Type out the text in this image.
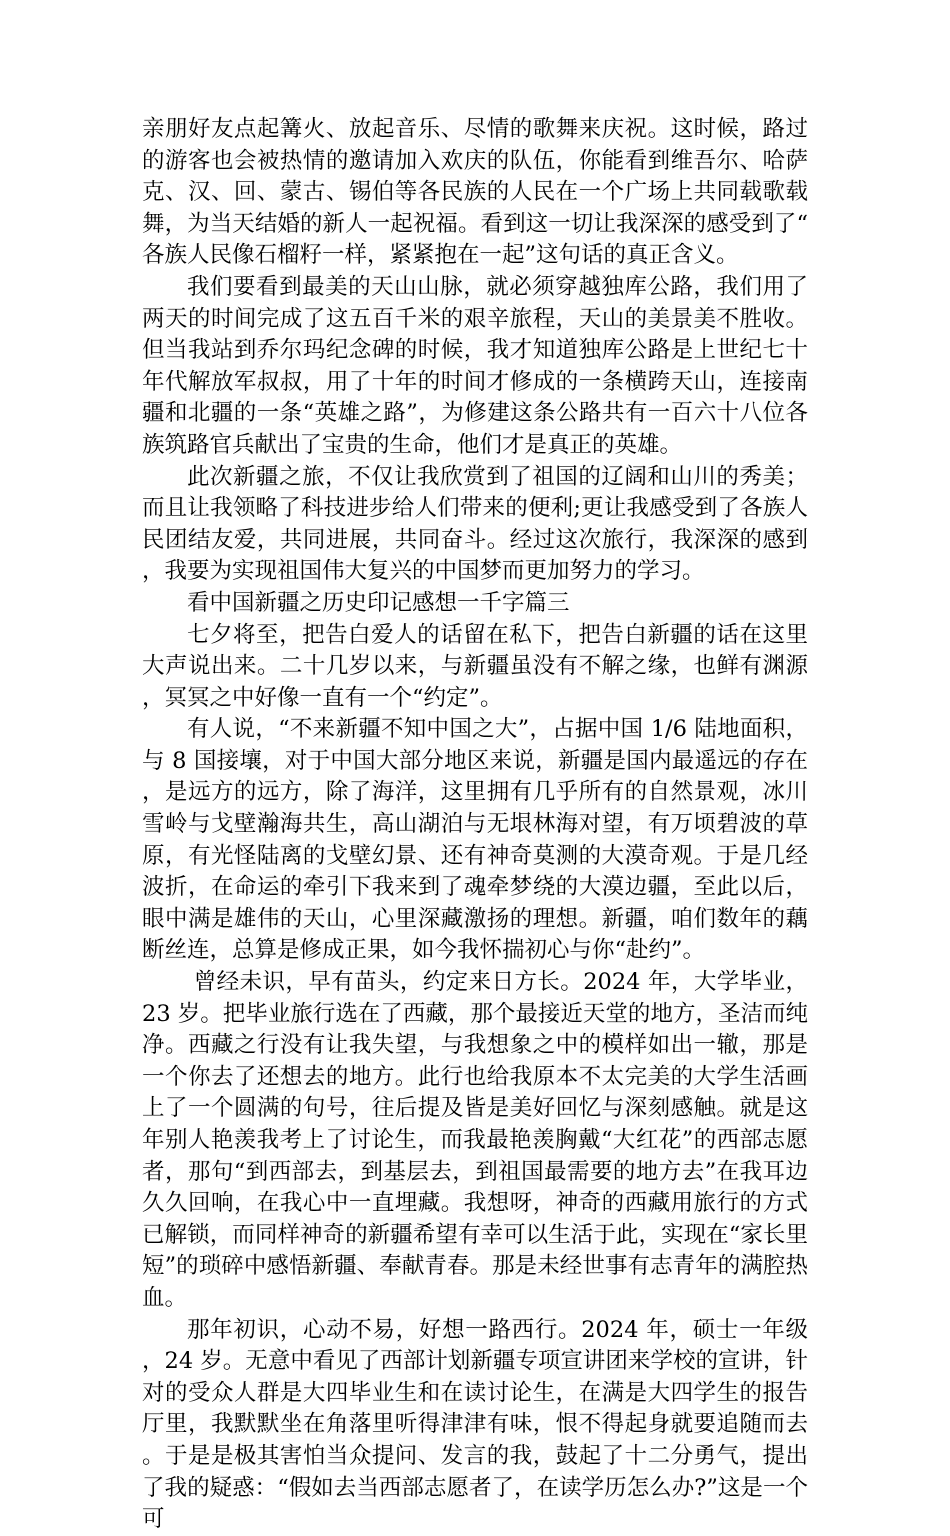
亲朋好友点起篝火、放起音乐、尽情的歌舞来庆祝。这时候，路过的游客也会被热情的邀请加入欢庆的队伍，你能看到维吾尔、哈萨克、汉、回、蒙古、锡伯等各民族的人民在一个广场上共同载歌载舞，为当天结婚的新人一起祝福。看到这一切让我深深的感受到了“各族人民像石榴籽一样，紧紧抱在一起”这句话的真正含义。

我们要看到最美的天山山脉，就必须穿越独库公路，我们用了两天的时间完成了这五百千米的艰辛旅程，天山的美景美不胜收。但当我站到乔尔玛纪念碑的时候，我才知道独库公路是上世纪七十年代解放军叔叔，用了十年的时间才修成的一条横跨天山，连接南疆和北疆的一条“英雄之路”，为修建这条公路共有一百六十八位各族筑路官兵献出了宝贵的生命，他们才是真正的英雄。

此次新疆之旅，不仅让我欣赏到了祖国的辽阔和山川的秀美；而且让我领略了科技进步给人们带来的便利;更让我感受到了各族人民团结友爱，共同进展，共同奋斗。经过这次旅行，我深深的感到，我要为实现祖国伟大复兴的中国梦而更加努力的学习。

看中国新疆之历史印记感想一千字篇三

七夕将至，把告白爱人的话留在私下，把告白新疆的话在这里大声说出来。二十几岁以来，与新疆虽没有不解之缘，也鲜有渊源，冥冥之中好像一直有一个“约定”。

有人说，“不来新疆不知中国之大”，占据中国 1/6 陆地面积，与 8 国接壤，对于中国大部分地区来说，新疆是国内最遥远的存在，是远方的远方，除了海洋，这里拥有几乎所有的自然景观，冰川雪岭与戈壁瀚海共生，高山湖泊与无垠林海对望，有万顷碧波的草原，有光怪陆离的戈壁幻景、还有神奇莫测的大漠奇观。于是几经波折，在命运的牵引下我来到了魂牵梦绕的大漠边疆，至此以后，眼中满是雄伟的天山，心里深藏激扬的理想。新疆，咱们数年的藕断丝连，总算是修成正果，如今我怀揣初心与你“赴约”。

曾经未识，早有苗头，约定来日方长。2024 年，大学毕业，23 岁。把毕业旅行选在了西藏，那个最接近天堂的地方，圣洁而纯净。西藏之行没有让我失望，与我想象之中的模样如出一辙，那是一个你去了还想去的地方。此行也给我原本不太完美的大学生活画上了一个圆满的句号，往后提及皆是美好回忆与深刻感触。就是这年别人艳羡我考上了讨论生，而我最艳羡胸戴“大红花”的西部志愿者，那句“到西部去，到基层去，到祖国最需要的地方去”在我耳边久久回响，在我心中一直埋藏。我想呀，神奇的西藏用旅行的方式已解锁，而同样神奇的新疆希望有幸可以生活于此，实现在“家长里短”的琐碎中感悟新疆、奉献青春。那是未经世事有志青年的满腔热血。

那年初识，心动不易，好想一路西行。2024 年，硕士一年级，24 岁。无意中看见了西部计划新疆专项宣讲团来学校的宣讲，针对的受众人群是大四毕业生和在读讨论生，在满是大四学生的报告厅里，我默默坐在角落里听得津津有味，恨不得起身就要追随而去。于是是极其害怕当众提问、发言的我，鼓起了十二分勇气，提出了我的疑惑：“假如去当西部志愿者了，在读学历怎么办?”这是一个可
